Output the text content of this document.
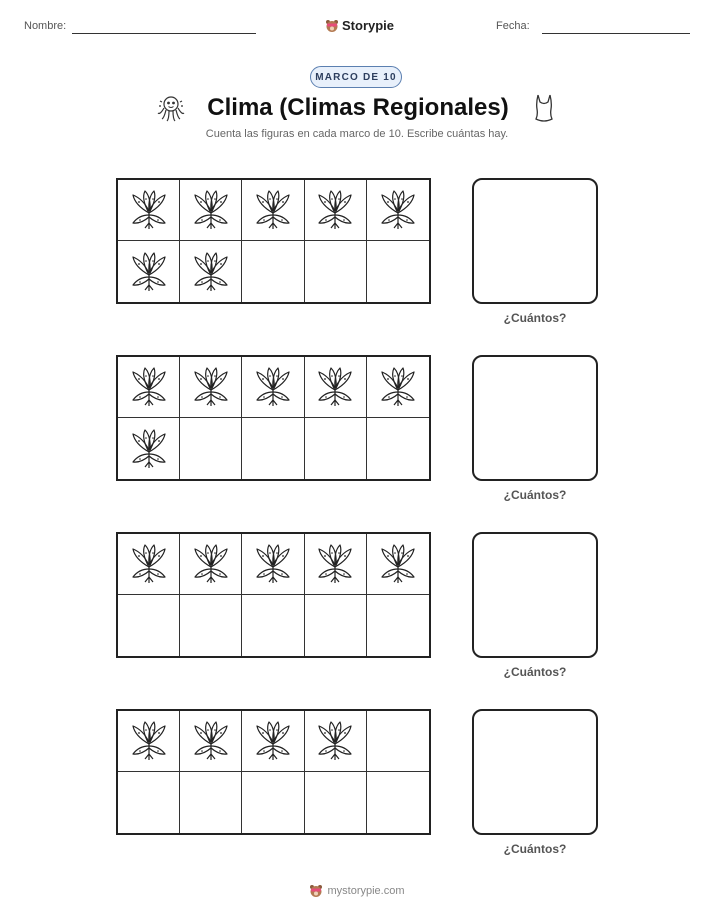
Nombre:	Storypie	Fecha:
MARCO DE 10
Clima (Climas Regionales)
Cuenta las figuras en cada marco de 10. Escribe cuántas hay.
¿Cuántos?
¿Cuántos?
¿Cuántos?
¿Cuántos?
mystorypie.com
